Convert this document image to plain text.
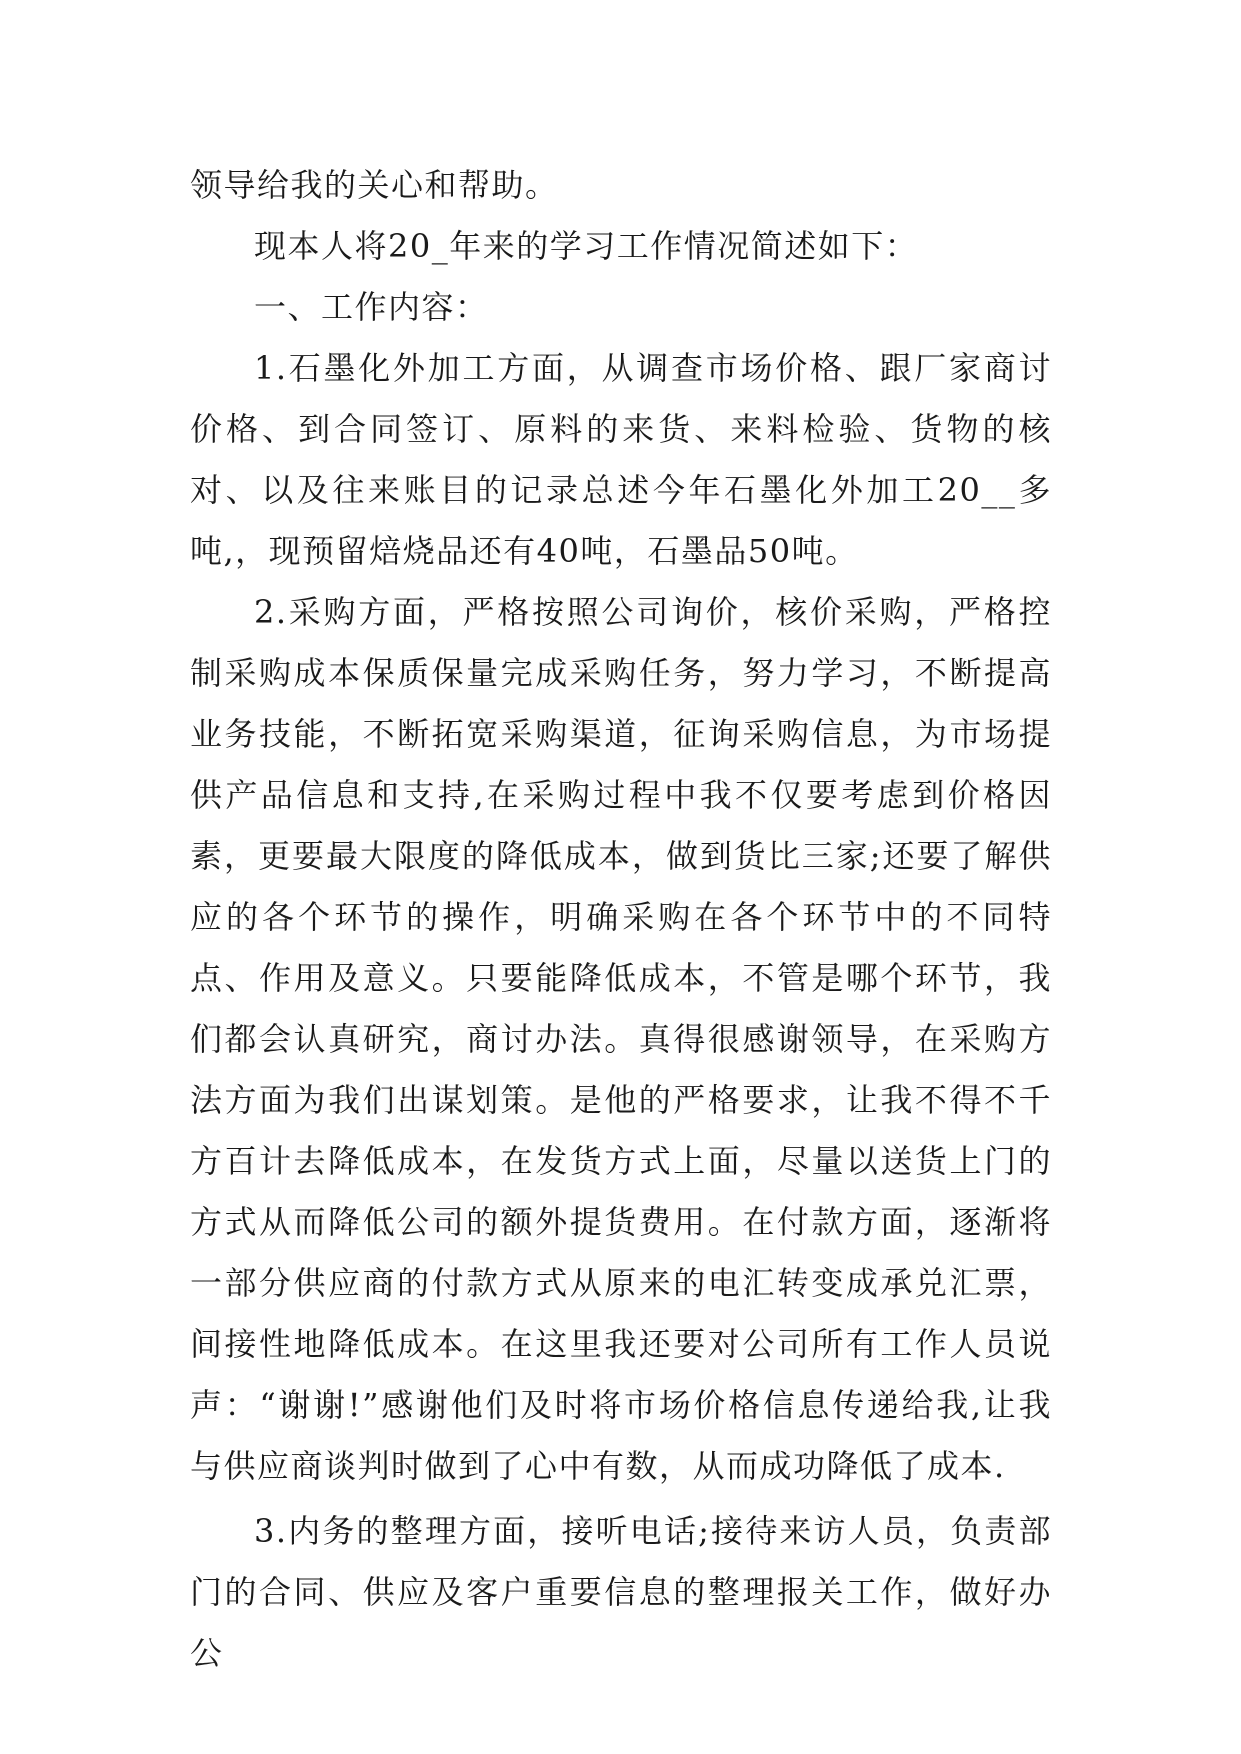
领导给我的关心和帮助。

现本人将20_年来的学习工作情况简述如下：

一、工作内容：

1.石墨化外加工方面，从调查市场价格、跟厂家商讨价格、到合同签订、原料的来货、来料检验、货物的核对、以及往来账目的记录总述今年石墨化外加工20__多吨,，现预留焙烧品还有40吨，石墨品50吨。

2.采购方面，严格按照公司询价，核价采购，严格控制采购成本保质保量完成采购任务，努力学习，不断提高业务技能，不断拓宽采购渠道，征询采购信息，为市场提供产品信息和支持,在采购过程中我不仅要考虑到价格因素，更要最大限度的降低成本，做到货比三家;还要了解供应的各个环节的操作，明确采购在各个环节中的不同特点、作用及意义。只要能降低成本，不管是哪个环节，我们都会认真研究，商讨办法。真得很感谢领导，在采购方法方面为我们出谋划策。是他的严格要求，让我不得不千方百计去降低成本，在发货方式上面，尽量以送货上门的方式从而降低公司的额外提货费用。在付款方面，逐渐将一部分供应商的付款方式从原来的电汇转变成承兑汇票，间接性地降低成本。在这里我还要对公司所有工作人员说声：“谢谢!”感谢他们及时将市场价格信息传递给我,让我与供应商谈判时做到了心中有数，从而成功降低了成本.

3.内务的整理方面，接听电话;接待来访人员，负责部门的合同、供应及客户重要信息的整理报关工作，做好办公
